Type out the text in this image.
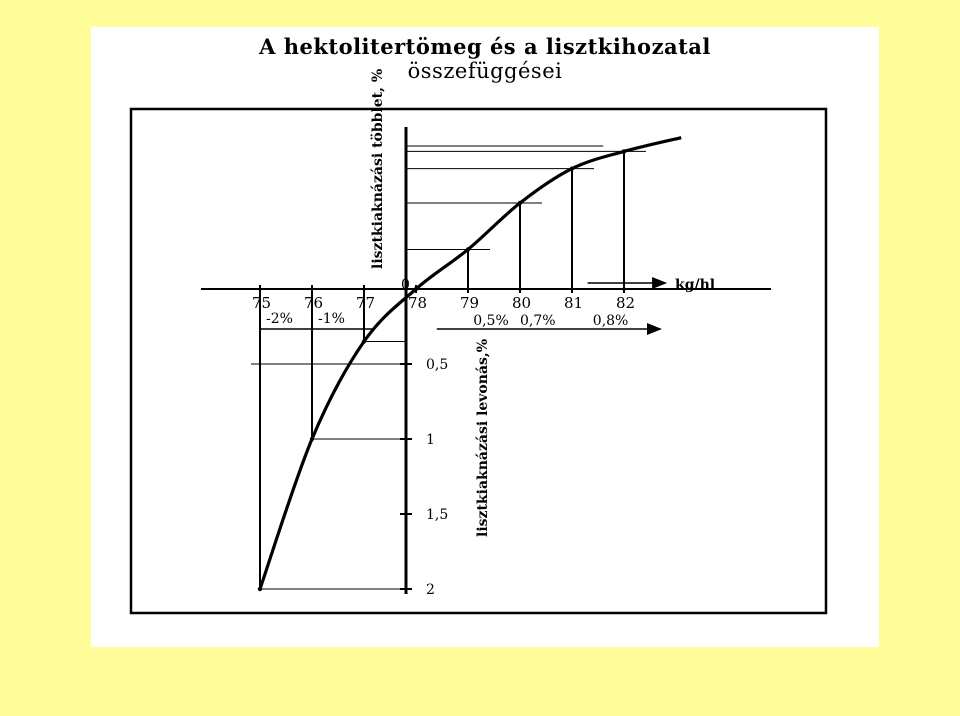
A hektolitertömeg és a lisztkihozatal
összefüggései
75 76 77 78 79 80 81 82
0,5
1
1,5
2
-2% -1%	0,5% 0,7%	0,8%
0	kg/hl
lisztkiaknázási többlet, %
lisztkiaknázási levonás,%
